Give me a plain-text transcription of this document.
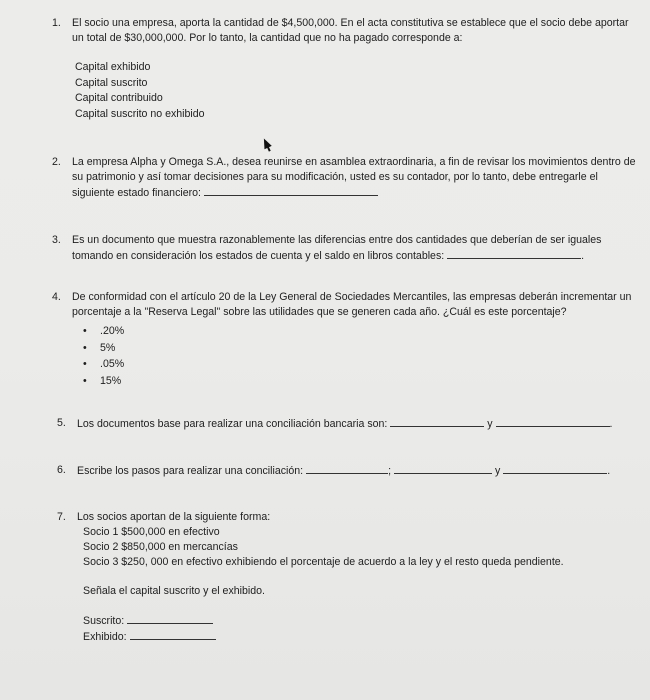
1. El socio una empresa, aporta la cantidad de $4,500,000. En el acta constitutiva se establece que el socio debe aportar un total de $30,000,000. Por lo tanto, la cantidad que no ha pagado corresponde a:
Capital exhibido
Capital suscrito
Capital contribuido
Capital suscrito no exhibido
2. La empresa Alpha y Omega S.A., desea reunirse en asamblea extraordinaria, a fin de revisar los movimientos dentro de su patrimonio y así tomar decisiones para su modificación, usted es su contador, por lo tanto, debe entregarle el siguiente estado financiero:
3. Es un documento que muestra razonablemente las diferencias entre dos cantidades que deberían de ser iguales tomando en consideración los estados de cuenta y el saldo en libros contables:	.
4. De conformidad con el artículo 20 de la Ley General de Sociedades Mercantiles, las empresas deberán incrementar un porcentaje a la "Reserva Legal" sobre las utilidades que se generen cada año. ¿Cuál es este porcentaje?
• .20%
• 5%
• .05%
• 15%
5. Los documentos base para realizar una conciliación bancaria son:	y	.
6. Escribe los pasos para realizar una conciliación:	;	y	.
7. Los socios aportan de la siguiente forma:
Socio 1 $500,000 en efectivo
Socio 2 $850,000 en mercancías
Socio 3 $250, 000 en efectivo exhibiendo el porcentaje de acuerdo a la ley y el resto queda pendiente.
Señala el capital suscrito y el exhibido.
Suscrito:
Exhibido:
